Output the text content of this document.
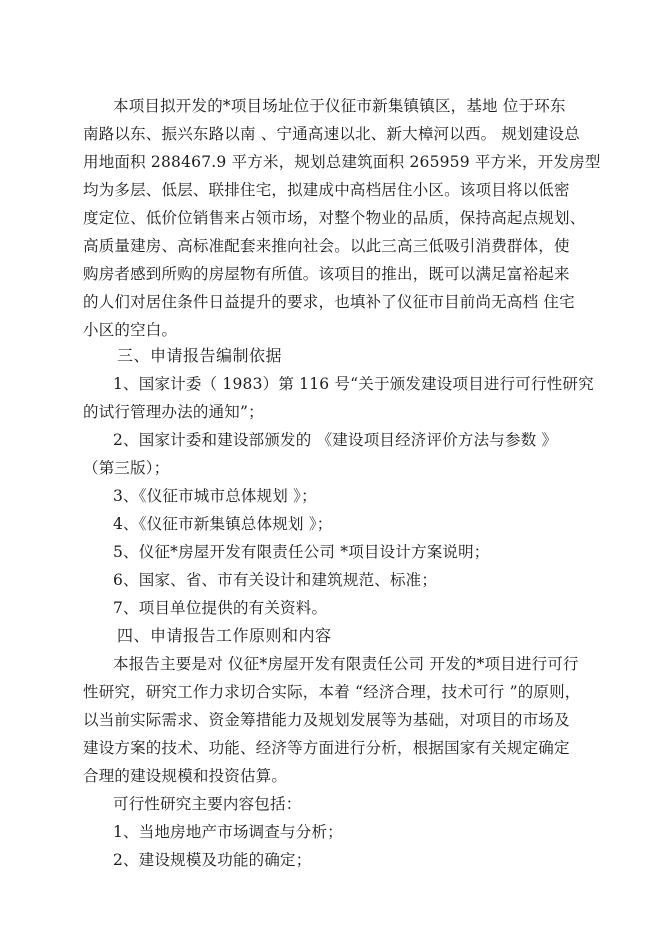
本项目拟开发的*项目场址位于仪征市新集镇镇区，基地 位于环东
南路以东、振兴东路以南 、宁通高速以北、新大樟河以西。 规划建设总
用地面积 288467.9 平方米，规划总建筑面积 265959 平方米，开发房型
均为多层、低层、联排住宅，拟建成中高档居住小区。该项目将以低密
度定位、低价位销售来占领市场，对整个物业的品质，保持高起点规划、
高质量建房、高标准配套来推向社会。以此三高三低吸引消费群体，使
购房者感到所购的房屋物有所值。该项目的推出，既可以满足富裕起来
的人们对居住条件日益提升的要求，也填补了仪征市目前尚无高档 住宅
小区的空白。
三、申请报告编制依据
1、国家计委（ 1983）第 116 号“关于颁发建设项目进行可行性研究
的试行管理办法的通知”；
2、国家计委和建设部颁发的 《建设项目经济评价方法与参数 》
（第三版）；
3、《仪征市城市总体规划 》；
4、《仪征市新集镇总体规划 》；
5、仪征*房屋开发有限责任公司 *项目设计方案说明；
6、国家、省、市有关设计和建筑规范、标准；
7、项目单位提供的有关资料。
四、申请报告工作原则和内容
本报告主要是对 仪征*房屋开发有限责任公司 开发的*项目进行可行
性研究，研究工作力求切合实际，本着 “经济合理，技术可行 ”的原则，
以当前实际需求、资金筹措能力及规划发展等为基础，对项目的市场及
建设方案的技术、功能、经济等方面进行分析，根据国家有关规定确定
合理的建设规模和投资估算。
可行性研究主要内容包括：
1、当地房地产市场调查与分析；
2、建设规模及功能的确定；
